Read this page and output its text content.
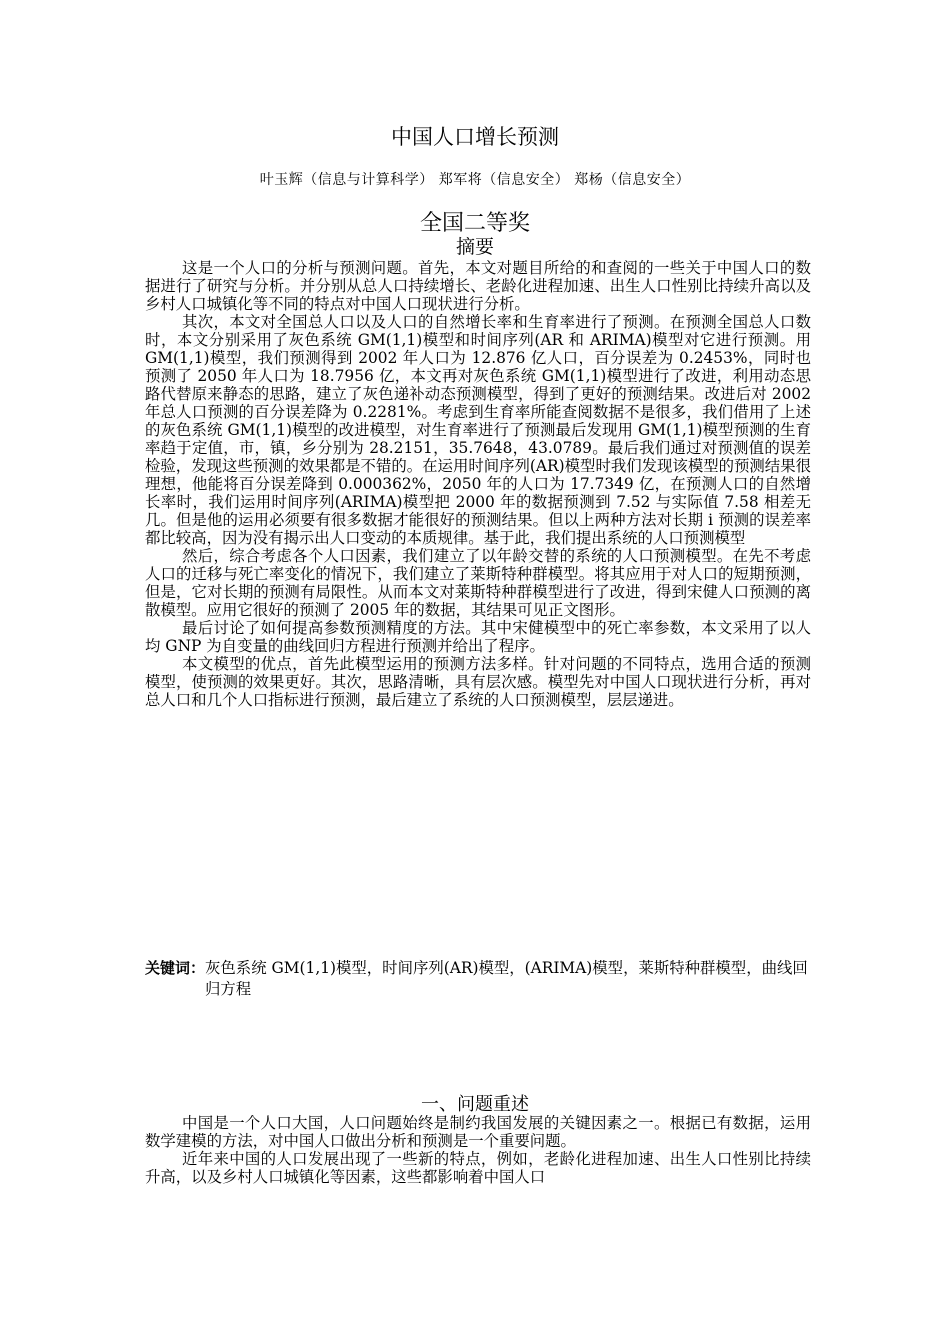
中国人口增长预测
叶玉辉（信息与计算科学） 郑军将（信息安全） 郑杨（信息安全）
全国二等奖
摘要

这是一个人口的分析与预测问题。首先，本文对题目所给的和查阅的一些关于中国人口的数据进行了研究与分析。并分别从总人口持续增长、老龄化进程加速、出生人口性别比持续升高以及乡村人口城镇化等不同的特点对中国人口现状进行分析。

其次，本文对全国总人口以及人口的自然增长率和生育率进行了预测。在预测全国总人口数时，本文分别采用了灰色系统 GM(1,1)模型和时间序列(AR 和 ARIMA)模型对它进行预测。用 GM(1,1)模型，我们预测得到 2002 年人口为 12.876 亿人口，百分误差为 0.2453%，同时也预测了 2050 年人口为 18.7956 亿，本文再对灰色系统 GM(1,1)模型进行了改进，利用动态思路代替原来静态的思路，建立了灰色递补动态预测模型，得到了更好的预测结果。改进后对 2002 年总人口预测的百分误差降为 0.2281%。考虑到生育率所能查阅数据不是很多，我们借用了上述的灰色系统 GM(1,1)模型的改进模型，对生育率进行了预测最后发现用 GM(1,1)模型预测的生育率趋于定值，市，镇，乡分别为 28.2151，35.7648，43.0789。最后我们通过对预测值的误差检验，发现这些预测的效果都是不错的。在运用时间序列(AR)模型时我们发现该模型的预测结果很理想，他能将百分误差降到 0.000362%，2050 年的人口为 17.7349 亿，在预测人口的自然增长率时，我们运用时间序列(ARIMA)模型把 2000 年的数据预测到 7.52 与实际值 7.58 相差无几。但是他的运用必须要有很多数据才能很好的预测结果。但以上两种方法对长期 i 预测的误差率都比较高，因为没有揭示出人口变动的本质规律。基于此，我们提出系统的人口预测模型

然后，综合考虑各个人口因素，我们建立了以年龄交替的系统的人口预测模型。在先不考虑人口的迁移与死亡率变化的情况下，我们建立了莱斯特种群模型。将其应用于对人口的短期预测，但是，它对长期的预测有局限性。从而本文对莱斯特种群模型进行了改进，得到宋健人口预测的离散模型。应用它很好的预测了 2005 年的数据，其结果可见正文图形。

最后讨论了如何提高参数预测精度的方法。其中宋健模型中的死亡率参数，本文采用了以人均 GNP 为自变量的曲线回归方程进行预测并给出了程序。

本文模型的优点，首先此模型运用的预测方法多样。针对问题的不同特点，选用合适的预测模型，使预测的效果更好。其次，思路清晰，具有层次感。模型先对中国人口现状进行分析，再对总人口和几个人口指标进行预测，最后建立了系统的人口预测模型，层层递进。

关键词： 灰色系统 GM(1,1)模型，时间序列(AR)模型，(ARIMA)模型，莱斯特种群模型，曲线回归方程
一、问题重述

中国是一个人口大国，人口问题始终是制约我国发展的关键因素之一。根据已有数据，运用数学建模的方法，对中国人口做出分析和预测是一个重要问题。

近年来中国的人口发展出现了一些新的特点，例如，老龄化进程加速、出生人口性别比持续升高，以及乡村人口城镇化等因素，这些都影响着中国人口
